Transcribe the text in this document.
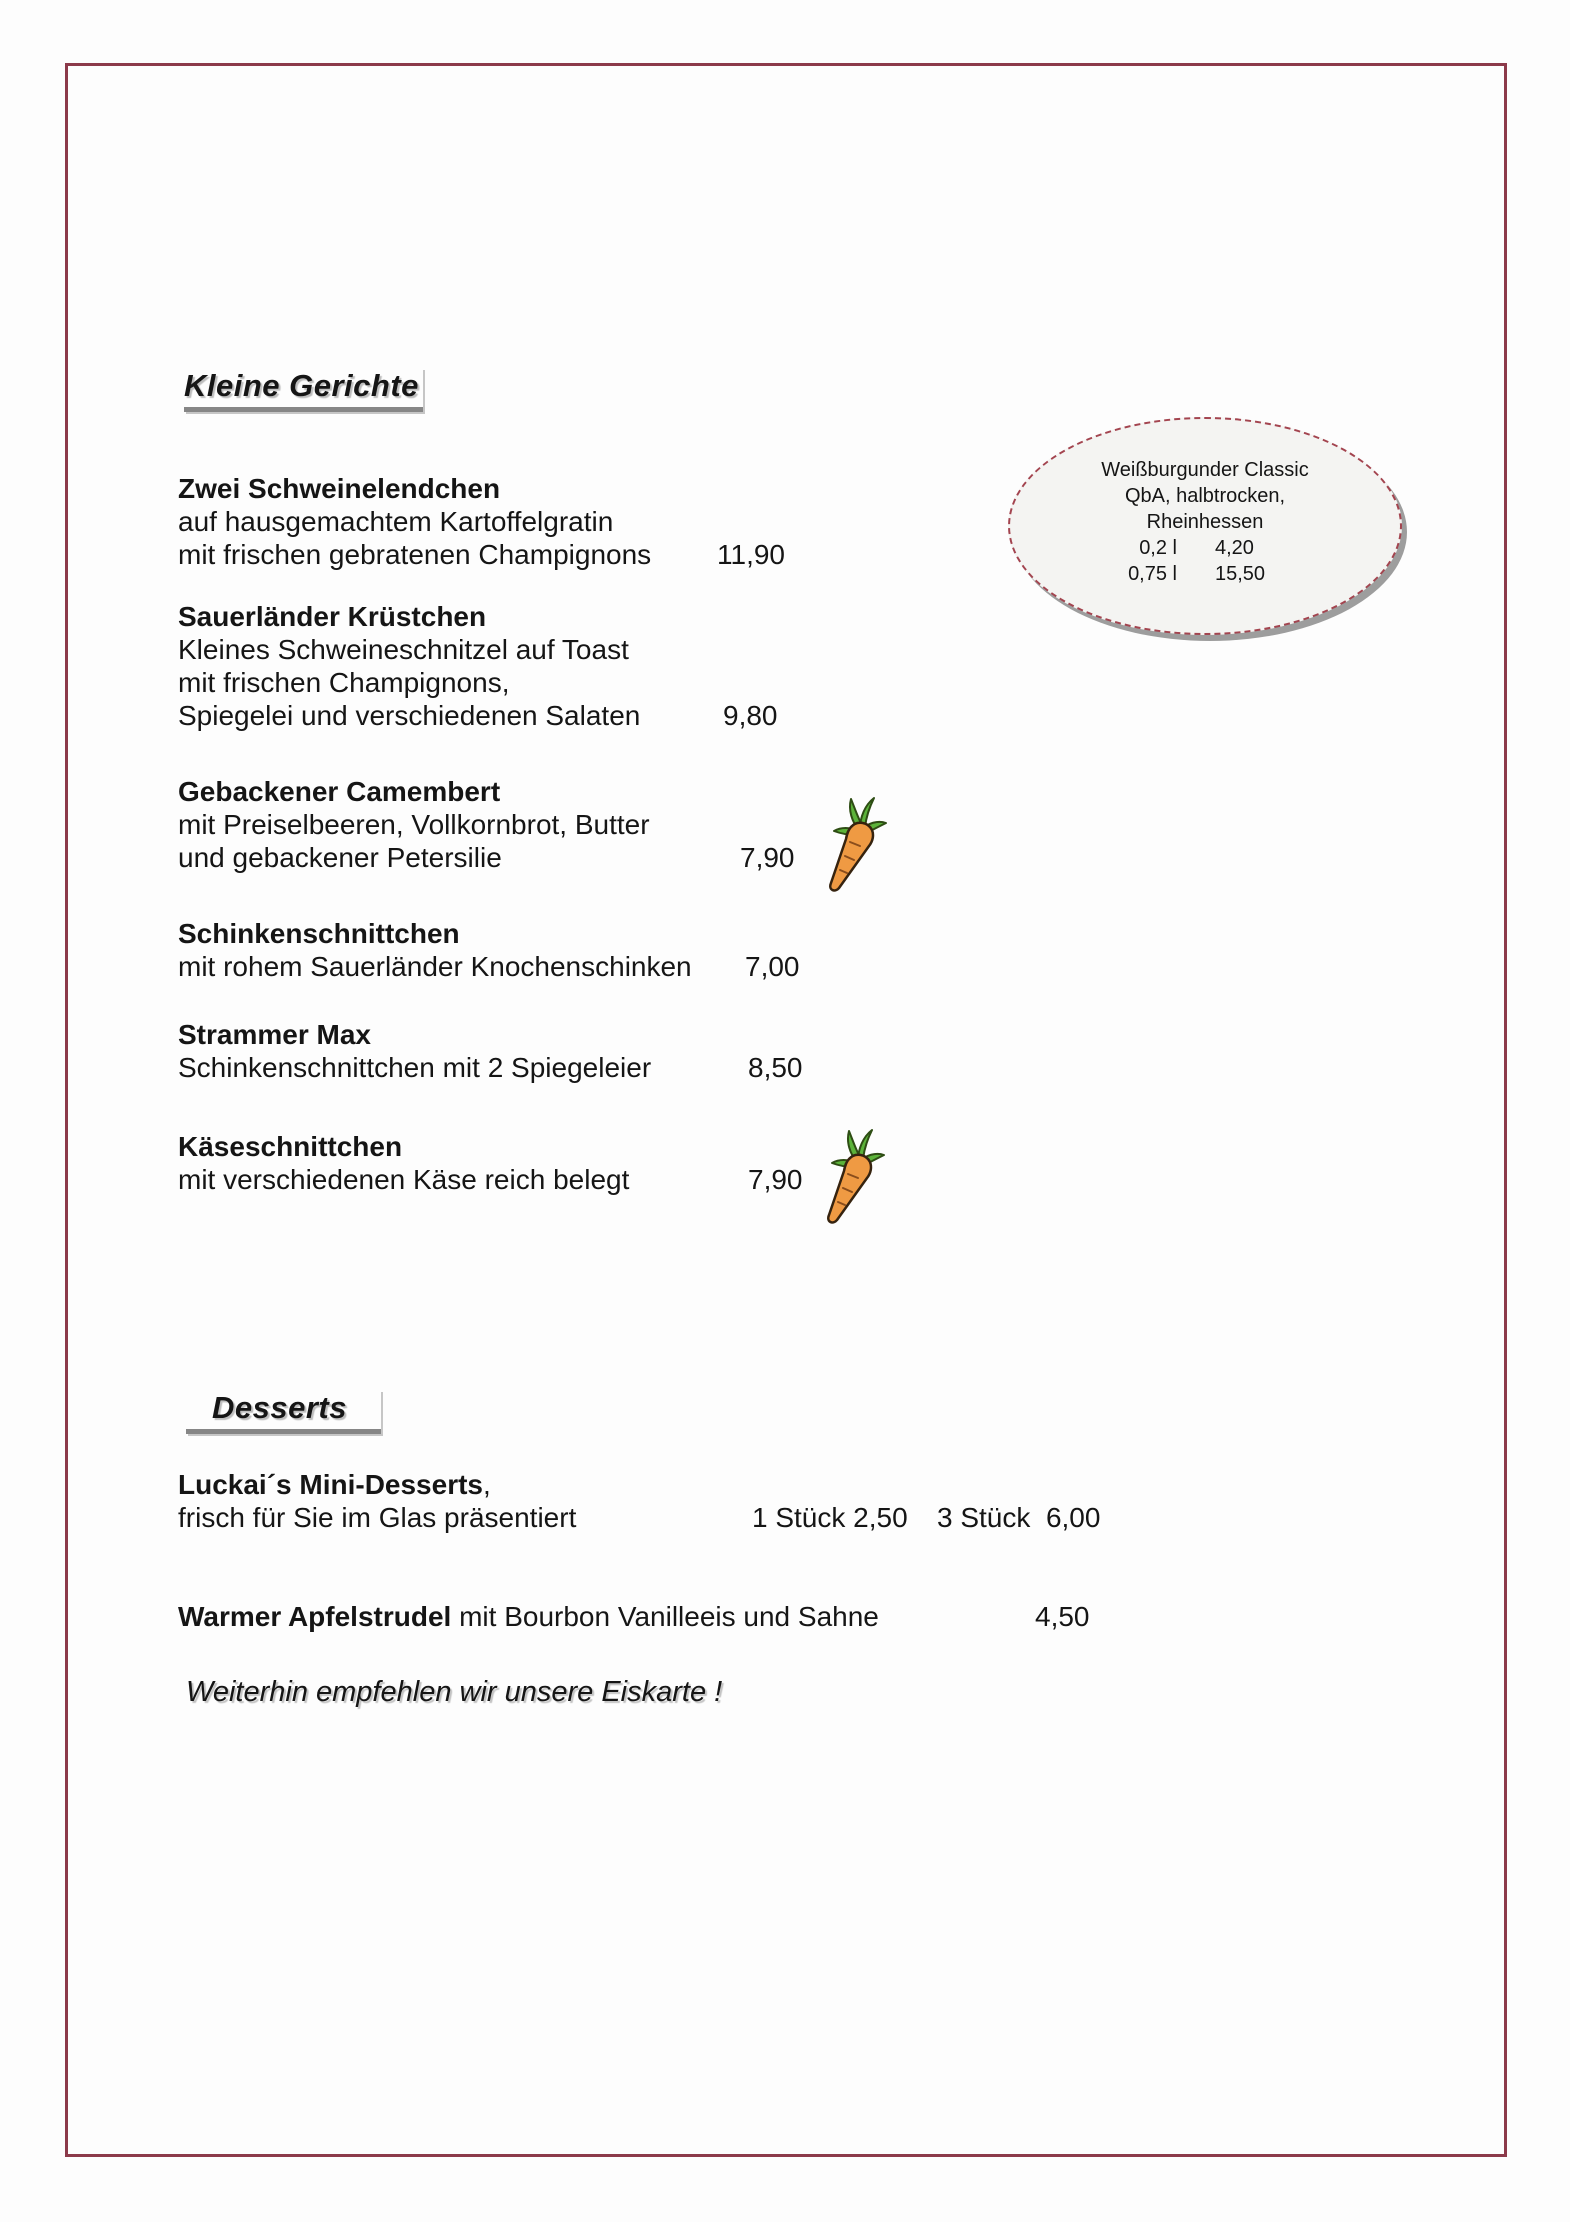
Kleine Gerichte
Weißburgunder Classic
QbA, halbtrocken,
Rheinhessen
0,2 l	4,20
0,75 l	15,50
Zwei Schweinelendchen
auf hausgemachtem Kartoffelgratin
mit frischen gebratenen Champignons 11,90
Sauerländer Krüstchen
Kleines Schweineschnitzel auf Toast
mit frischen Champignons,
Spiegelei und verschiedenen Salaten	9,80
Gebackener Camembert
mit Preiselbeeren, Vollkornbrot, Butter
und gebackener Petersilie	7,90
Schinkenschnittchen
mit rohem Sauerländer Knochenschinken 7,00
Strammer Max
Schinkenschnittchen mit 2 Spiegeleier	8,50
Käseschnittchen
mit verschiedenen Käse reich belegt	7,90
Desserts
Luckai´s Mini-Desserts,
frisch für Sie im Glas präsentiert	1 Stück 2,50 3 Stück  6,00
Warmer Apfelstrudel mit Bourbon Vanilleeis und Sahne	4,50
Weiterhin empfehlen wir unsere Eiskarte !
